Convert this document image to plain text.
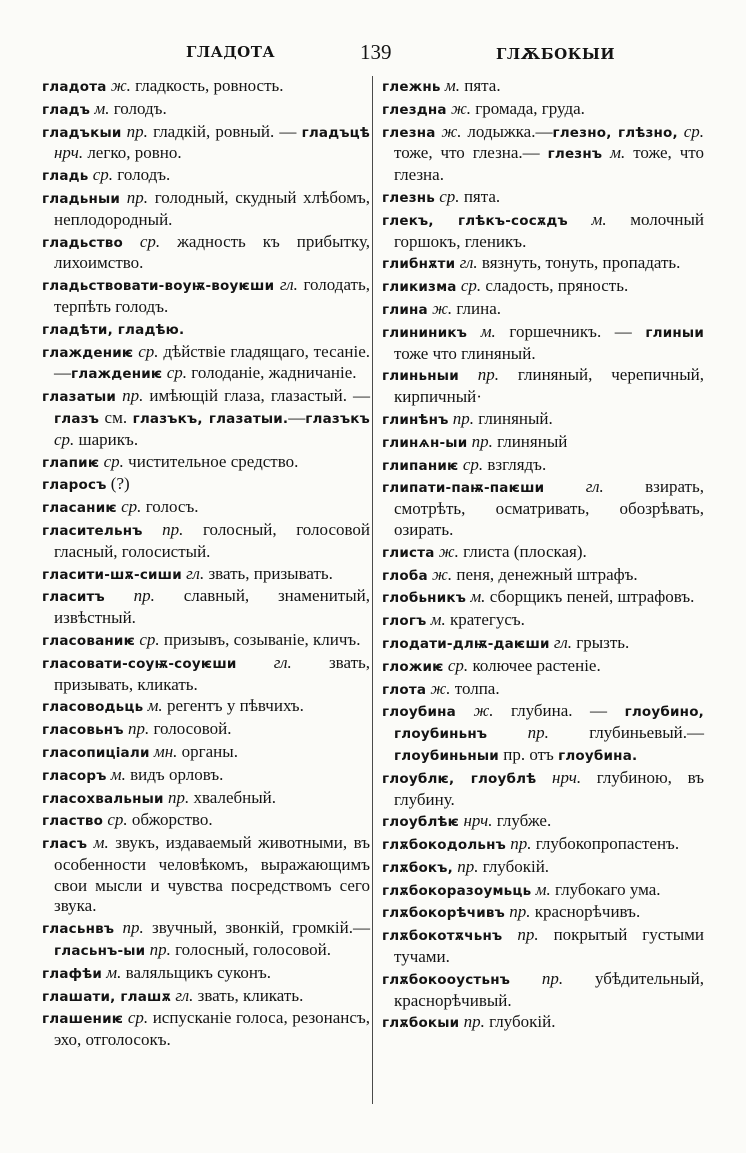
ГЛАДОТА	139	ГЛѪБОКЫИ

гладота ж. гладкость, ровность.

гладъ м. голодъ.

гладъкыи пр. гладкій, ровный. — гладъцѣ нрч. легко, ровно.

гладь ср. голодъ.

гладьныи пр. голодный, скудный хлѣбомъ, неплодородный.

гладьство ср. жадность къ прибытку, лихоимство.

гладьствовати-воуѭ-воуѥши гл. голодать, терпѣть голодъ.

гладѣти, гладѣю.

глаждениѥ ср. дѣйствіе гладящаго, тесаніе.—глаждениѥ ср. голоданіе, жадничаніе.

глазатыи пр. имѣющій глаза, глазастый. — глазъ см. глазъкъ, глазатыи.—глазъкъ ср. шарикъ.

глапиѥ ср. чистительное средство.

гларосъ (?)

гласаниѥ ср. голосъ.

гласительнъ пр. голосный, голосовой гласный, голосистый.

гласити-шѫ-сиши гл. звать, призывать.

гласитъ пр. славный, знаменитый, извѣстный.

гласованиѥ ср. призывъ, созываніе, кличъ.

гласовати-соуѭ-соуѥши гл. звать, призывать, кликать.

гласоводьць м. регентъ у пѣвчихъ.

гласовьнъ пр. голосовой.

гласопиціали мн. органы.

гласоръ м. видъ орловъ.

гласохвальныи пр. хвалебный.

гластво ср. обжорство.

гласъ м. звукъ, издаваемый животными, въ особенности человѣкомъ, выражающимъ свои мысли и чувства посредствомъ сего звука.

гласьнвъ пр. звучный, звонкій, громкій.—гласьнъ-ыи пр. голосный, голосовой.

глафѣи м. валяльщикъ суконъ.

глашати, глашѫ гл. звать, кликать.

глашениѥ ср. испусканіе голоса, резонансъ, эхо, отголосокъ.

глежнь м. пята.

глездна ж. громада, груда.

глезна ж. лодыжка.—глезно, глѣзно, ср. тоже, что глезна.— глезнъ м. тоже, что глезна.

глезнь ср. пята.

глекъ, глѣкъ-сосѫдъ м. молочный горшокъ, гленикъ.

глибнѫти гл. вязнуть, тонуть, пропадать.

гликизма ср. сладость, пряность.

глина ж. глина.

глининикъ м. горшечникъ. — глиныи тоже что глиняный.

глиньныи пр. глиняный, черепичный, кирпичный·

глинѣнъ пр. глиняный.

глинѧн-ыи пр. глиняный

глипаниѥ ср. взглядъ.

глипати-паѭ-паѥши гл. взирать, смотрѣть, осматривать, обозрѣвать, озирать.

глиста ж. глиста (плоская).

глоба ж. пеня, денежный штрафъ.

глобьникъ м. сборщикъ пеней, штрафовъ.

глогъ м. кратегусъ.

глодати-длѭ-даѥши гл. грызть.

гложиѥ ср. колючее растеніе.

глота ж. толпа.

глоубина ж. глубина. — глоубино, глоубиньнъ пр. глубиньевый.—глоубиньныи пр. отъ глоубина.

глоублѥ, глоублѣ нрч. глубиною, въ глубину.

глоублѣѥ нрч. глубже.

глѫбокодольнъ пр. глубокопропастенъ.

глѫбокъ, пр. глубокій.

глѫбокоразоумьць м. глубокаго ума.

глѫбокорѣчивъ пр. краснорѣчивъ.

глѫбокотѫчьнъ пр. покрытый густыми тучами.

глѫбокооустьнъ пр. убѣдительный, краснорѣчивый.

глѫбокыи пр. глубокій.
